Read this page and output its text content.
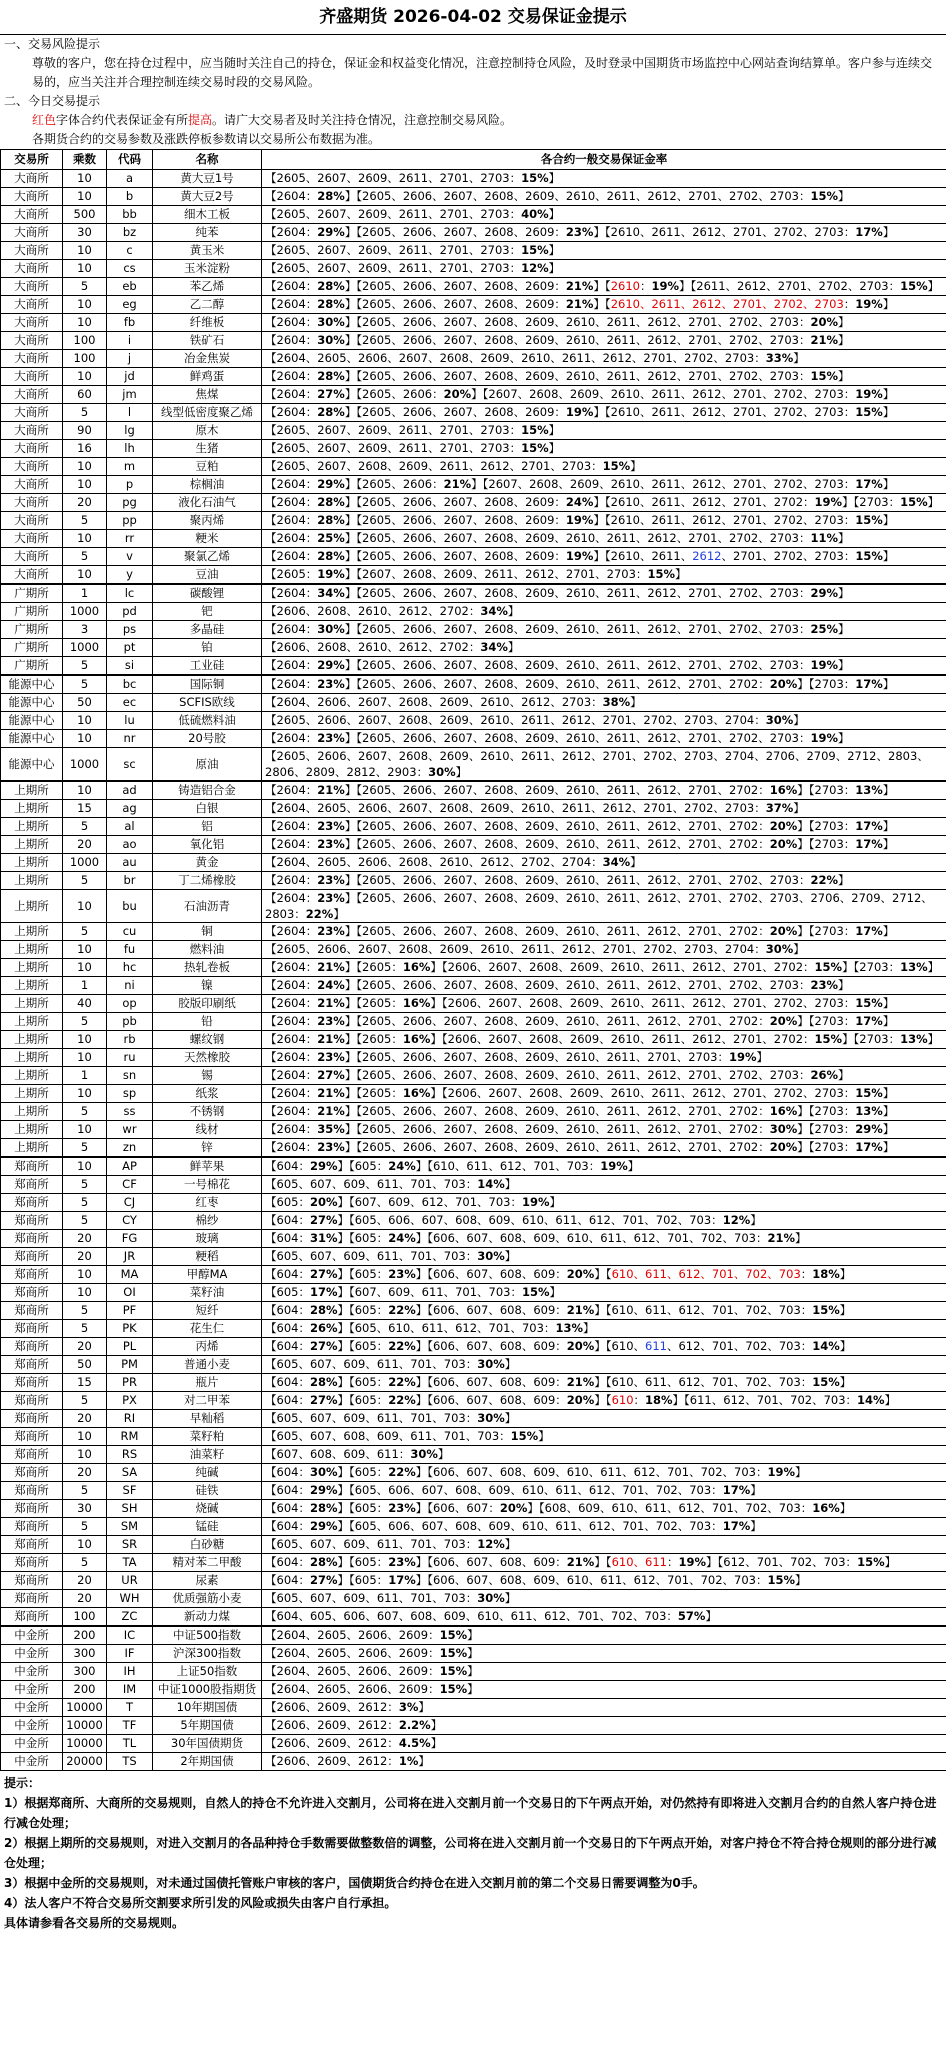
齐盛期货 2026-04-02 交易保证金提示
一、交易风险提示
尊敬的客户，您在持仓过程中，应当随时关注自己的持仓，保证金和权益变化情况，注意控制持仓风险，及时登录中国期货市场监控中心网站查询结算单。客户参与连续交易的，应当关注并合理控制连续交易时段的交易风险。
二、今日交易提示
红色字体合约代表保证金有所提高。请广大交易者及时关注持仓情况，注意控制交易风险。
各期货合约的交易参数及涨跌停板参数请以交易所公布数据为准。
交易所	乘数	代码	名称	各合约一般交易保证金率
大商所	10	a	黄大豆1号	【2605、2607、2609、2611、2701、2703：15%】
大商所	10	b	黄大豆2号	【2604：28%】【2605、2606、2607、2608、2609、2610、2611、2612、2701、2702、2703：15%】
大商所	500	bb	细木工板	【2605、2607、2609、2611、2701、2703：40%】
大商所	30	bz	纯苯	【2604：29%】【2605、2606、2607、2608、2609：23%】【2610、2611、2612、2701、2702、2703：17%】
大商所	10	c	黄玉米	【2605、2607、2609、2611、2701、2703：15%】
大商所	10	cs	玉米淀粉	【2605、2607、2609、2611、2701、2703：12%】
大商所	5	eb	苯乙烯	【2604：28%】【2605、2606、2607、2608、2609：21%】【2610：19%】【2611、2612、2701、2702、2703：15%】
大商所	10	eg	乙二醇	【2604：28%】【2605、2606、2607、2608、2609：21%】【2610、2611、2612、2701、2702、2703：19%】
大商所	10	fb	纤维板	【2604：30%】【2605、2606、2607、2608、2609、2610、2611、2612、2701、2702、2703：20%】
大商所	100	i	铁矿石	【2604：30%】【2605、2606、2607、2608、2609、2610、2611、2612、2701、2702、2703：21%】
大商所	100	j	冶金焦炭	【2604、2605、2606、2607、2608、2609、2610、2611、2612、2701、2702、2703：33%】
大商所	10	jd	鲜鸡蛋	【2604：28%】【2605、2606、2607、2608、2609、2610、2611、2612、2701、2702、2703：15%】
大商所	60	jm	焦煤	【2604：27%】【2605、2606：20%】【2607、2608、2609、2610、2611、2612、2701、2702、2703：19%】
大商所	5	l	线型低密度聚乙烯	【2604：28%】【2605、2606、2607、2608、2609：19%】【2610、2611、2612、2701、2702、2703：15%】
大商所	90	lg	原木	【2605、2607、2609、2611、2701、2703：15%】
大商所	16	lh	生猪	【2605、2607、2609、2611、2701、2703：15%】
大商所	10	m	豆粕	【2605、2607、2608、2609、2611、2612、2701、2703：15%】
大商所	10	p	棕榈油	【2604：29%】【2605、2606：21%】【2607、2608、2609、2610、2611、2612、2701、2702、2703：17%】
大商所	20	pg	液化石油气	【2604：28%】【2605、2606、2607、2608、2609：24%】【2610、2611、2612、2701、2702：19%】【2703：15%】
大商所	5	pp	聚丙烯	【2604：28%】【2605、2606、2607、2608、2609：19%】【2610、2611、2612、2701、2702、2703：15%】
大商所	10	rr	粳米	【2604：25%】【2605、2606、2607、2608、2609、2610、2611、2612、2701、2702、2703：11%】
大商所	5	v	聚氯乙烯	【2604：28%】【2605、2606、2607、2608、2609：19%】【2610、2611、2612、2701、2702、2703：15%】
大商所	10	y	豆油	【2605：19%】【2607、2608、2609、2611、2612、2701、2703：15%】
广期所	1	lc	碳酸锂	【2604：34%】【2605、2606、2607、2608、2609、2610、2611、2612、2701、2702、2703：29%】
广期所	1000	pd	钯	【2606、2608、2610、2612、2702：34%】
广期所	3	ps	多晶硅	【2604：30%】【2605、2606、2607、2608、2609、2610、2611、2612、2701、2702、2703：25%】
广期所	1000	pt	铂	【2606、2608、2610、2612、2702：34%】
广期所	5	si	工业硅	【2604：29%】【2605、2606、2607、2608、2609、2610、2611、2612、2701、2702、2703：19%】
能源中心	5	bc	国际铜	【2604：23%】【2605、2606、2607、2608、2609、2610、2611、2612、2701、2702：20%】【2703：17%】
能源中心	50	ec	SCFIS欧线	【2604、2606、2607、2608、2609、2610、2612、2703：38%】
能源中心	10	lu	低硫燃料油	【2605、2606、2607、2608、2609、2610、2611、2612、2701、2702、2703、2704：30%】
能源中心	10	nr	20号胶	【2604：23%】【2605、2606、2607、2608、2609、2610、2611、2612、2701、2702、2703：19%】
能源中心	1000	sc	原油	【2605、2606、2607、2608、2609、2610、2611、2612、2701、2702、2703、2704、2706、2709、2712、2803、2806、2809、2812、2903：30%】
上期所	10	ad	铸造铝合金	【2604：21%】【2605、2606、2607、2608、2609、2610、2611、2612、2701、2702：16%】【2703：13%】
上期所	15	ag	白银	【2604、2605、2606、2607、2608、2609、2610、2611、2612、2701、2702、2703：37%】
上期所	5	al	铝	【2604：23%】【2605、2606、2607、2608、2609、2610、2611、2612、2701、2702：20%】【2703：17%】
上期所	20	ao	氧化铝	【2604：23%】【2605、2606、2607、2608、2609、2610、2611、2612、2701、2702：20%】【2703：17%】
上期所	1000	au	黄金	【2604、2605、2606、2608、2610、2612、2702、2704：34%】
上期所	5	br	丁二烯橡胶	【2604：23%】【2605、2606、2607、2608、2609、2610、2611、2612、2701、2702、2703：22%】
上期所	10	bu	石油沥青	【2604：23%】【2605、2606、2607、2608、2609、2610、2611、2612、2701、2702、2703、2706、2709、2712、2803：22%】
上期所	5	cu	铜	【2604：23%】【2605、2606、2607、2608、2609、2610、2611、2612、2701、2702：20%】【2703：17%】
上期所	10	fu	燃料油	【2605、2606、2607、2608、2609、2610、2611、2612、2701、2702、2703、2704：30%】
上期所	10	hc	热轧卷板	【2604：21%】【2605：16%】【2606、2607、2608、2609、2610、2611、2612、2701、2702：15%】【2703：13%】
上期所	1	ni	镍	【2604：24%】【2605、2606、2607、2608、2609、2610、2611、2612、2701、2702、2703：23%】
上期所	40	op	胶版印刷纸	【2604：21%】【2605：16%】【2606、2607、2608、2609、2610、2611、2612、2701、2702、2703：15%】
上期所	5	pb	铅	【2604：23%】【2605、2606、2607、2608、2609、2610、2611、2612、2701、2702：20%】【2703：17%】
上期所	10	rb	螺纹钢	【2604：21%】【2605：16%】【2606、2607、2608、2609、2610、2611、2612、2701、2702：15%】【2703：13%】
上期所	10	ru	天然橡胶	【2604：23%】【2605、2606、2607、2608、2609、2610、2611、2701、2703：19%】
上期所	1	sn	锡	【2604：27%】【2605、2606、2607、2608、2609、2610、2611、2612、2701、2702、2703：26%】
上期所	10	sp	纸浆	【2604：21%】【2605：16%】【2606、2607、2608、2609、2610、2611、2612、2701、2702、2703：15%】
上期所	5	ss	不锈钢	【2604：21%】【2605、2606、2607、2608、2609、2610、2611、2612、2701、2702：16%】【2703：13%】
上期所	10	wr	线材	【2604：35%】【2605、2606、2607、2608、2609、2610、2611、2612、2701、2702：30%】【2703：29%】
上期所	5	zn	锌	【2604：23%】【2605、2606、2607、2608、2609、2610、2611、2612、2701、2702：20%】【2703：17%】
郑商所	10	AP	鲜苹果	【604：29%】【605：24%】【610、611、612、701、703：19%】
郑商所	5	CF	一号棉花	【605、607、609、611、701、703：14%】
郑商所	5	CJ	红枣	【605：20%】【607、609、612、701、703：19%】
郑商所	5	CY	棉纱	【604：27%】【605、606、607、608、609、610、611、612、701、702、703：12%】
郑商所	20	FG	玻璃	【604：31%】【605：24%】【606、607、608、609、610、611、612、701、702、703：21%】
郑商所	20	JR	粳稻	【605、607、609、611、701、703：30%】
郑商所	10	MA	甲醇MA	【604：27%】【605：23%】【606、607、608、609：20%】【610、611、612、701、702、703：18%】
郑商所	10	OI	菜籽油	【605：17%】【607、609、611、701、703：15%】
郑商所	5	PF	短纤	【604：28%】【605：22%】【606、607、608、609：21%】【610、611、612、701、702、703：15%】
郑商所	5	PK	花生仁	【604：26%】【605、610、611、612、701、703：13%】
郑商所	20	PL	丙烯	【604：27%】【605：22%】【606、607、608、609：20%】【610、611、612、701、702、703：14%】
郑商所	50	PM	普通小麦	【605、607、609、611、701、703：30%】
郑商所	15	PR	瓶片	【604：28%】【605：22%】【606、607、608、609：21%】【610、611、612、701、702、703：15%】
郑商所	5	PX	对二甲苯	【604：27%】【605：22%】【606、607、608、609：20%】【610：18%】【611、612、701、702、703：14%】
郑商所	20	RI	早籼稻	【605、607、609、611、701、703：30%】
郑商所	10	RM	菜籽粕	【605、607、608、609、611、701、703：15%】
郑商所	10	RS	油菜籽	【607、608、609、611：30%】
郑商所	20	SA	纯碱	【604：30%】【605：22%】【606、607、608、609、610、611、612、701、702、703：19%】
郑商所	5	SF	硅铁	【604：29%】【605、606、607、608、609、610、611、612、701、702、703：17%】
郑商所	30	SH	烧碱	【604：28%】【605：23%】【606、607：20%】【608、609、610、611、612、701、702、703：16%】
郑商所	5	SM	锰硅	【604：29%】【605、606、607、608、609、610、611、612、701、702、703：17%】
郑商所	10	SR	白砂糖	【605、607、609、611、701、703：12%】
郑商所	5	TA	精对苯二甲酸	【604：28%】【605：23%】【606、607、608、609：21%】【610、611：19%】【612、701、702、703：15%】
郑商所	20	UR	尿素	【604：27%】【605：17%】【606、607、608、609、610、611、612、701、702、703：15%】
郑商所	20	WH	优质强筋小麦	【605、607、609、611、701、703：30%】
郑商所	100	ZC	新动力煤	【604、605、606、607、608、609、610、611、612、701、702、703：57%】
中金所	200	IC	中证500指数	【2604、2605、2606、2609：15%】
中金所	300	IF	沪深300指数	【2604、2605、2606、2609：15%】
中金所	300	IH	上证50指数	【2604、2605、2606、2609：15%】
中金所	200	IM	中证1000股指期货	【2604、2605、2606、2609：15%】
中金所	10000	T	10年期国债	【2606、2609、2612：3%】
中金所	10000	TF	5年期国债	【2606、2609、2612：2.2%】
中金所	10000	TL	30年国债期货	【2606、2609、2612：4.5%】
中金所	20000	TS	2年期国债	【2606、2609、2612：1%】
提示：
1）根据郑商所、大商所的交易规则，自然人的持仓不允许进入交割月，公司将在进入交割月前一个交易日的下午两点开始，对仍然持有即将进入交割月合约的自然人客户持仓进行减仓处理；
2）根据上期所的交易规则，对进入交割月的各品种持仓手数需要做整数倍的调整，公司将在进入交割月前一个交易日的下午两点开始，对客户持仓不符合持仓规则的部分进行减仓处理；
3）根据中金所的交易规则，对未通过国债托管账户审核的客户，国债期货合约持仓在进入交割月前的第二个交易日需要调整为0手。
4）法人客户不符合交易所交割要求所引发的风险或损失由客户自行承担。
具体请参看各交易所的交易规则。
